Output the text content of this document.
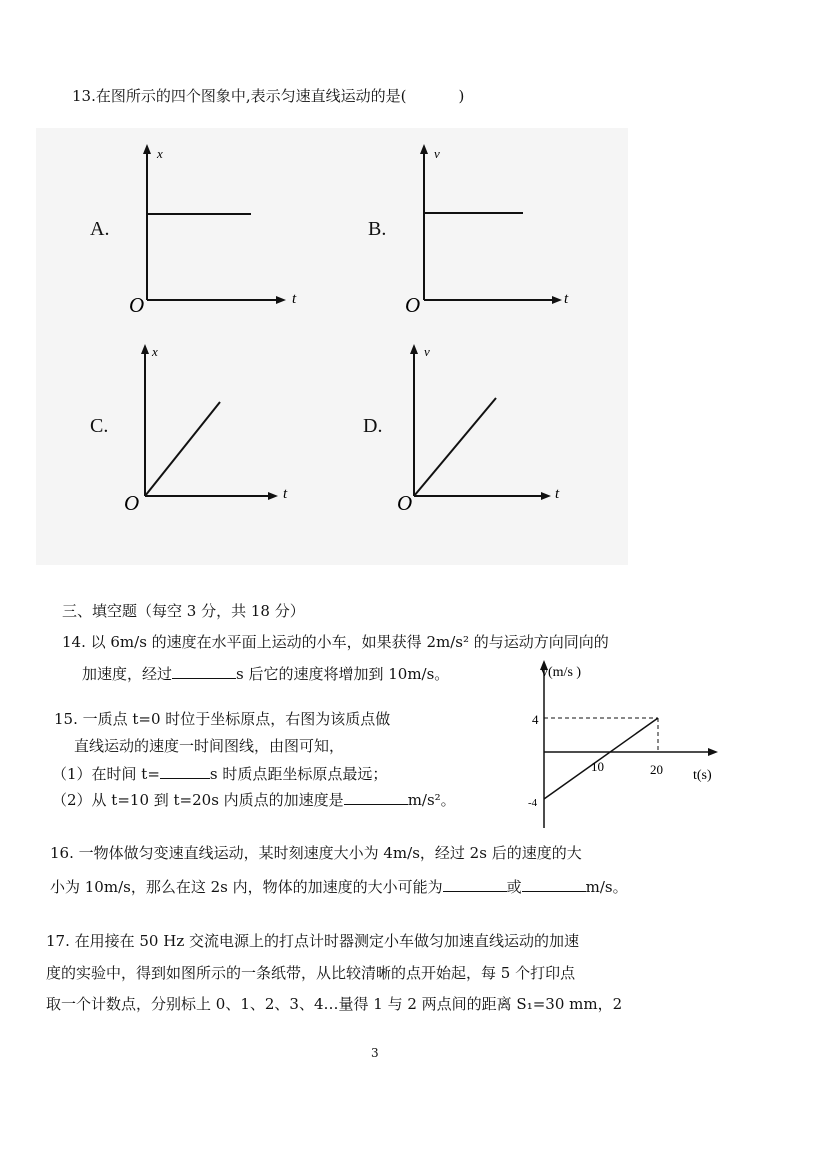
13.在图所示的四个图象中,表示匀速直线运动的是(	)
A.
x
O	t
B.
v
O	t
C.
x
O	t
D.
v
O	t
三、填空题（每空 3 分，共 18 分）
14. 以 6m/s 的速度在水平面上运动的小车，如果获得 2m/s² 的与运动方向同向的
加速度，经过	s 后它的速度将增加到 10m/s。
15. 一质点 t=0 时位于坐标原点，右图为该质点做
直线运动的速度一时间图线，由图可知，
（1）在时间 t=	s 时质点距坐标原点最远；
（2）从 t=10 到 t=20s 内质点的加速度是	m/s²。
v(m/s )
t(s)
4
-4
10	20
16. 一物体做匀变速直线运动，某时刻速度大小为 4m/s，经过 2s 后的速度的大
小为 10m/s，那么在这 2s 内，物体的加速度的大小可能为	或	m/s。
17. 在用接在 50 Hz 交流电源上的打点计时器测定小车做匀加速直线运动的加速
度的实验中，得到如图所示的一条纸带，从比较清晰的点开始起，每 5 个打印点
取一个计数点，分别标上 0、1、2、3、4…量得 1 与 2 两点间的距离 S₁=30 mm，2
3
